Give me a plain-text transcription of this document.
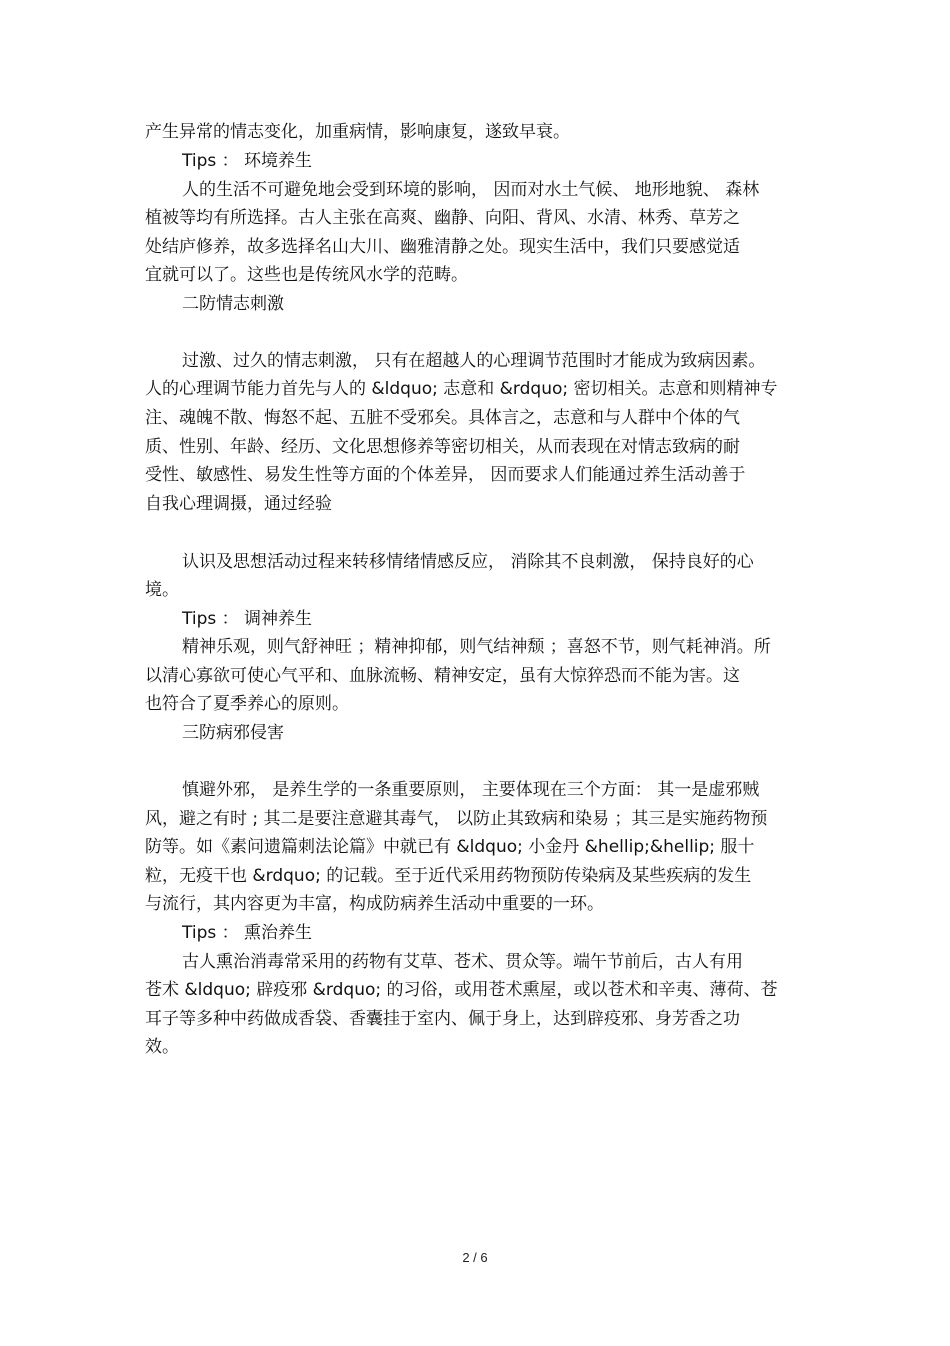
产生异常的情志变化，加重病情，影响康复，遂致早衰。
Tips ： 环境养生
人的生活不可避免地会受到环境的影响， 因而对水土气候、 地形地貌、 森林
植被等均有所选择。古人主张在高爽、幽静、向阳、背风、水清、林秀、草芳之
处结庐修养，故多选择名山大川、幽雅清静之处。现实生活中，我们只要感觉适
宜就可以了。这些也是传统风水学的范畴。
二防情志刺激
过激、过久的情志刺激， 只有在超越人的心理调节范围时才能成为致病因素。
人的心理调节能力首先与人的 &ldquo; 志意和 &rdquo; 密切相关。志意和则精神专
注、魂魄不散、悔怒不起、五脏不受邪矣。具体言之，志意和与人群中个体的气
质、性别、年龄、经历、文化思想修养等密切相关，从而表现在对情志致病的耐
受性、敏感性、易发生性等方面的个体差异， 因而要求人们能通过养生活动善于
自我心理调摄，通过经验
认识及思想活动过程来转移情绪情感反应， 消除其不良刺激， 保持良好的心
境。
Tips ： 调神养生
精神乐观，则气舒神旺 ；精神抑郁，则气结神颓 ；喜怒不节，则气耗神消。所
以清心寡欲可使心气平和、血脉流畅、精神安定，虽有大惊猝恐而不能为害。这
也符合了夏季养心的原则。
三防病邪侵害
慎避外邪， 是养生学的一条重要原则， 主要体现在三个方面： 其一是虚邪贼
风，避之有时 ; 其二是要注意避其毒气， 以防止其致病和染易 ；其三是实施药物预
防等。如《素问遗篇刺法论篇》中就已有 &ldquo; 小金丹 &hellip;&hellip; 服十
粒，无疫干也 &rdquo; 的记载。至于近代采用药物预防传染病及某些疾病的发生
与流行，其内容更为丰富，构成防病养生活动中重要的一环。
Tips ： 熏治养生
古人熏治消毒常采用的药物有艾草、苍术、贯众等。端午节前后，古人有用
苍术 &ldquo; 辟疫邪 &rdquo; 的习俗，或用苍术熏屋，或以苍术和辛夷、薄荷、苍
耳子等多种中药做成香袋、香囊挂于室内、佩于身上，达到辟疫邪、身芳香之功
效。
2 / 6
